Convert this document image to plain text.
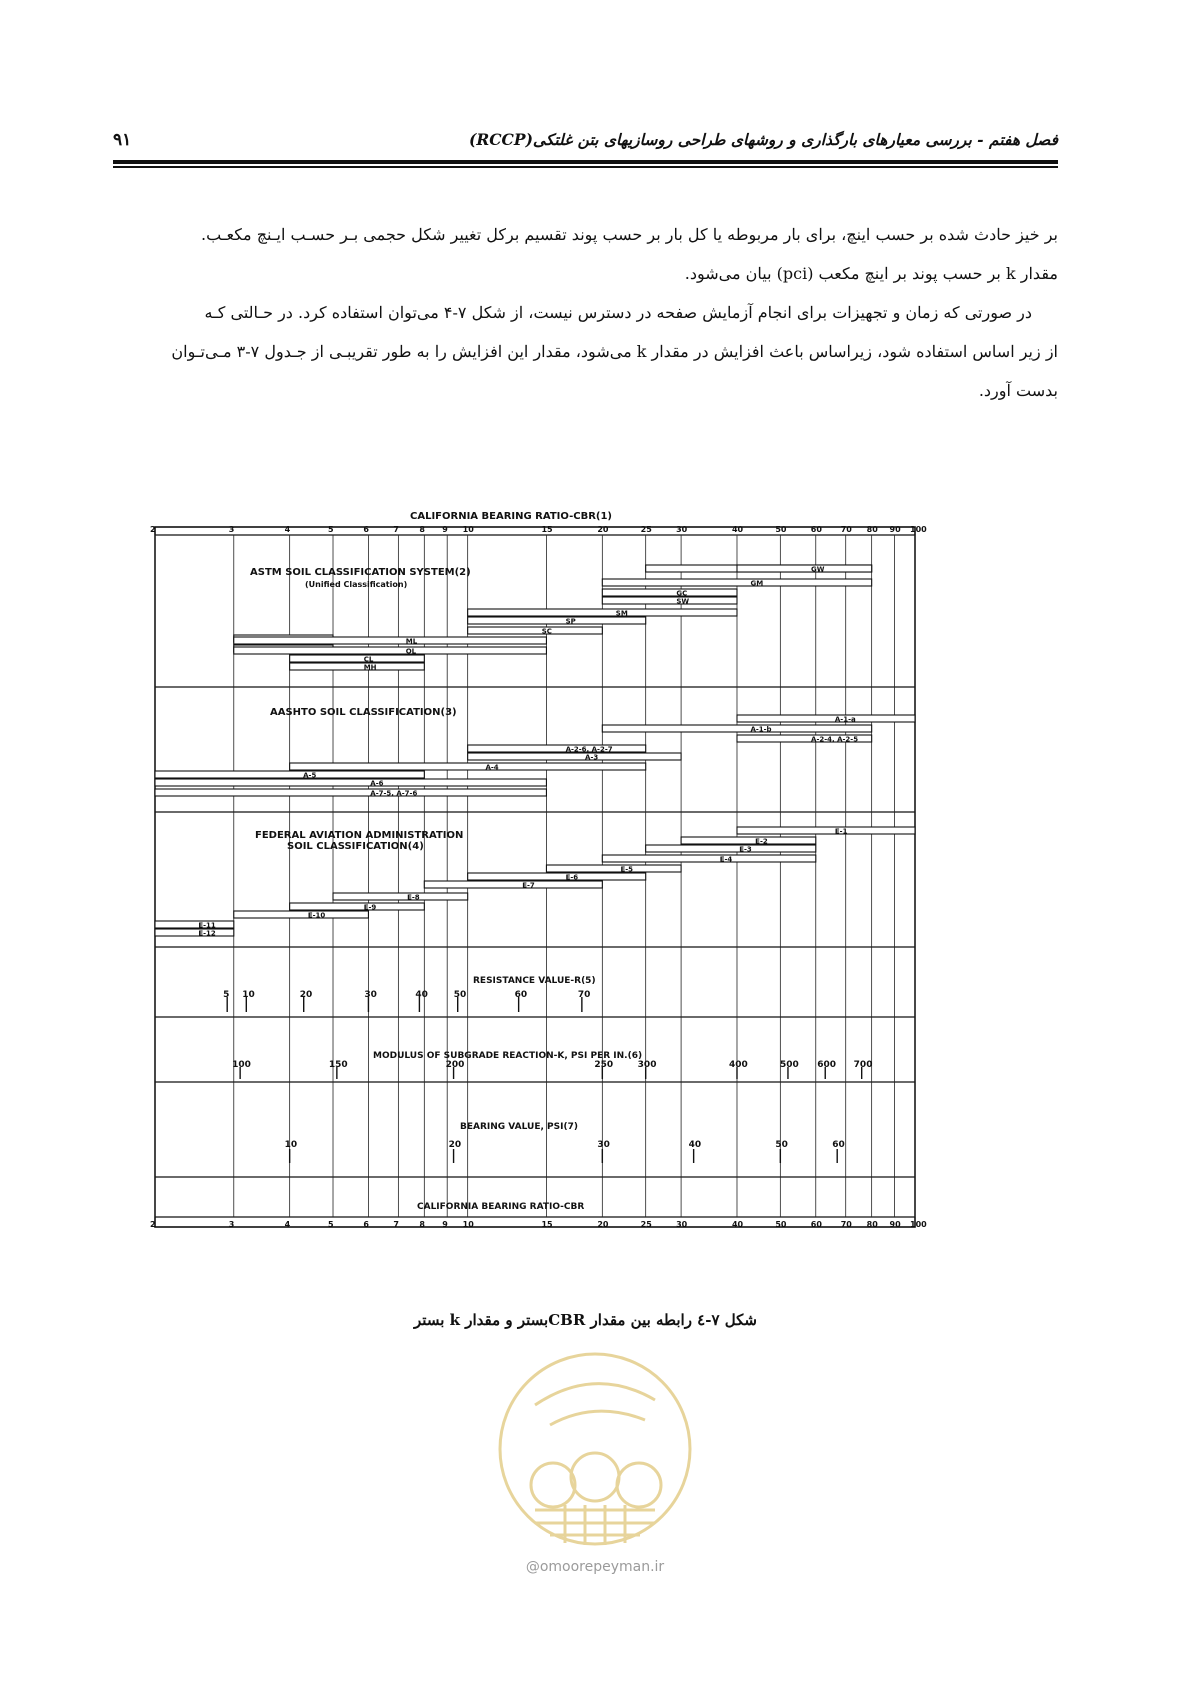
فصل هفتم - بررسی معیارهای بارگذاری و روشهای طراحی روسازیهای بتن غلتکی(RCCP)
۹۱

بر خیز حادث شده بر حسب اینچ، برای بار مربوطه یا کل بار بر حسب پوند تقسیم برکل تغییر شکل حجمی بـر حسـب ایـنچ مکعـب.

مقدار k بر حسب پوند بر اینچ مکعب (pci) بیان می‌شود.

در صورتی که زمان و تجهیزات برای انجام آزمایش صفحه در دسترس نیست، از شکل ۷-۴ می‌توان استفاده کرد. در حـالتی کـه

از زیر اساس استفاده شود، زیراساس باعث افزایش در مقدار k می‌شود، مقدار این افزایش را به طور تقریبـی از جـدول ۷-۳ مـی‌تـوان

بدست آورد.

2
2
3
3
4
4
5
5
6
6
7
7
8
8
9
9
10
10
15
15
20
20
25
25
30
30
40
40
50
50
60
60
70
70
80
80
90
90
100
100
5 10	20	30	40	50	60	70
100	150	200	250	300	400	500 600 700
10	20	30	40	50	60
GW
GM
GC
SW
SM
SP
SC
ML
OL
CL
MH
A-1-a
A-1-b
A-2-4, A-2-5
A-2-6, A-2-7
A-3
A-4
A-5
A-6
A-7-5, A-7-6
E-1
E-2
E-3
E-4
E-5
E-6
E-7
E-8
E-9
E-10
E-11
E-12
CALIFORNIA BEARING RATIO-CBR(1)
ASTM SOIL CLASSIFICATION SYSTEM(2)
(Unified Classification)
AASHTO SOIL CLASSIFICATION(3)
FEDERAL AVIATION ADMINISTRATION
SOIL CLASSIFICATION(4)
RESISTANCE VALUE-R(5)
MODULUS OF SUBGRADE REACTION-K, PSI PER IN.(6)
BEARING VALUE, PSI(7)
CALIFORNIA BEARING RATIO-CBR
شکل ۷-٤ رابطه بین مقدار CBRبستر و مقدار k بستر
@omoorepeyman.ir
